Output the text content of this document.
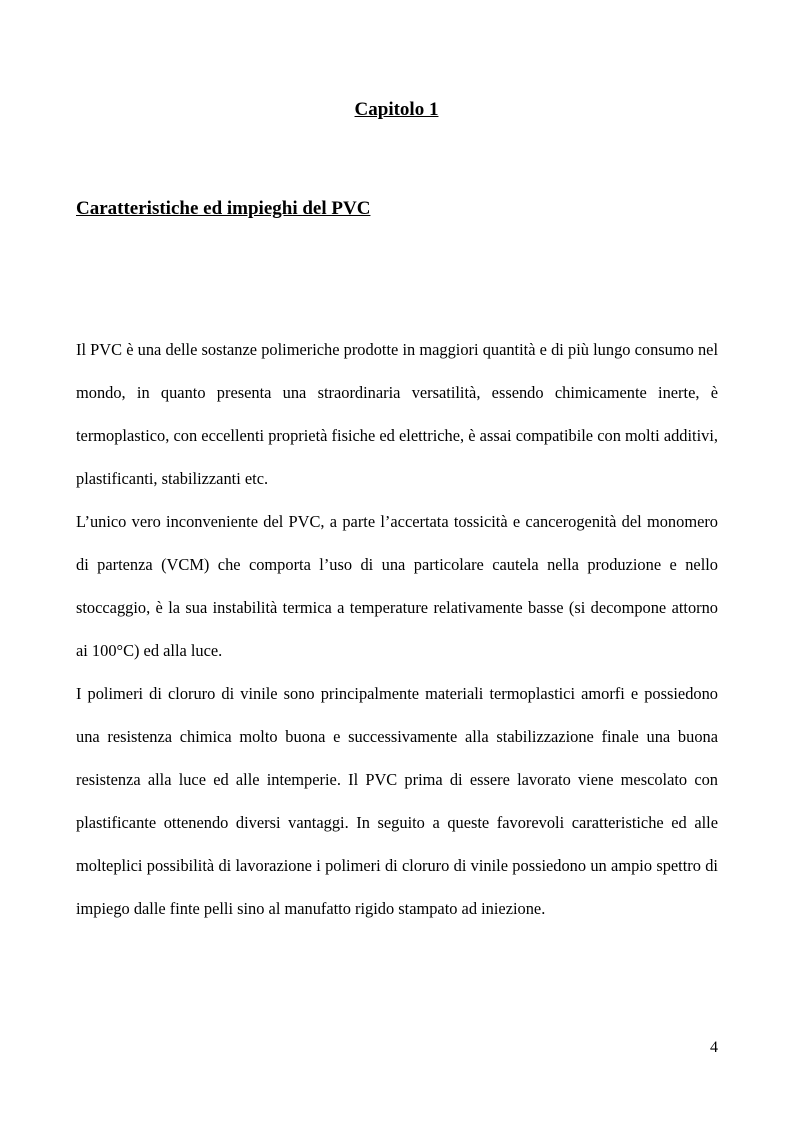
Capitolo 1
Caratteristiche ed impieghi del PVC

Il PVC è una delle sostanze polimeriche prodotte in maggiori quantità e di più lungo consumo nel mondo, in quanto presenta una straordinaria versatilità, essendo chimicamente inerte, è termoplastico, con eccellenti proprietà fisiche ed elettriche, è assai compatibile con molti additivi, plastificanti, stabilizzanti etc.

L’unico vero inconveniente del PVC, a parte l’accertata tossicità e cancerogenità del monomero di partenza (VCM) che comporta l’uso di una particolare cautela nella produzione e nello stoccaggio, è la sua instabilità termica a temperature relativamente basse (si decompone attorno ai 100°C) ed alla luce.

I polimeri di cloruro di vinile sono principalmente materiali termoplastici amorfi e possiedono una resistenza chimica molto buona e successivamente alla stabilizzazione finale una buona resistenza alla luce ed alle intemperie. Il PVC prima di essere lavorato viene mescolato con plastificante ottenendo diversi vantaggi. In seguito a queste favorevoli caratteristiche ed alle molteplici possibilità di lavorazione i polimeri di cloruro di vinile possiedono un ampio spettro di impiego dalle finte pelli sino al manufatto rigido stampato ad iniezione.

4
